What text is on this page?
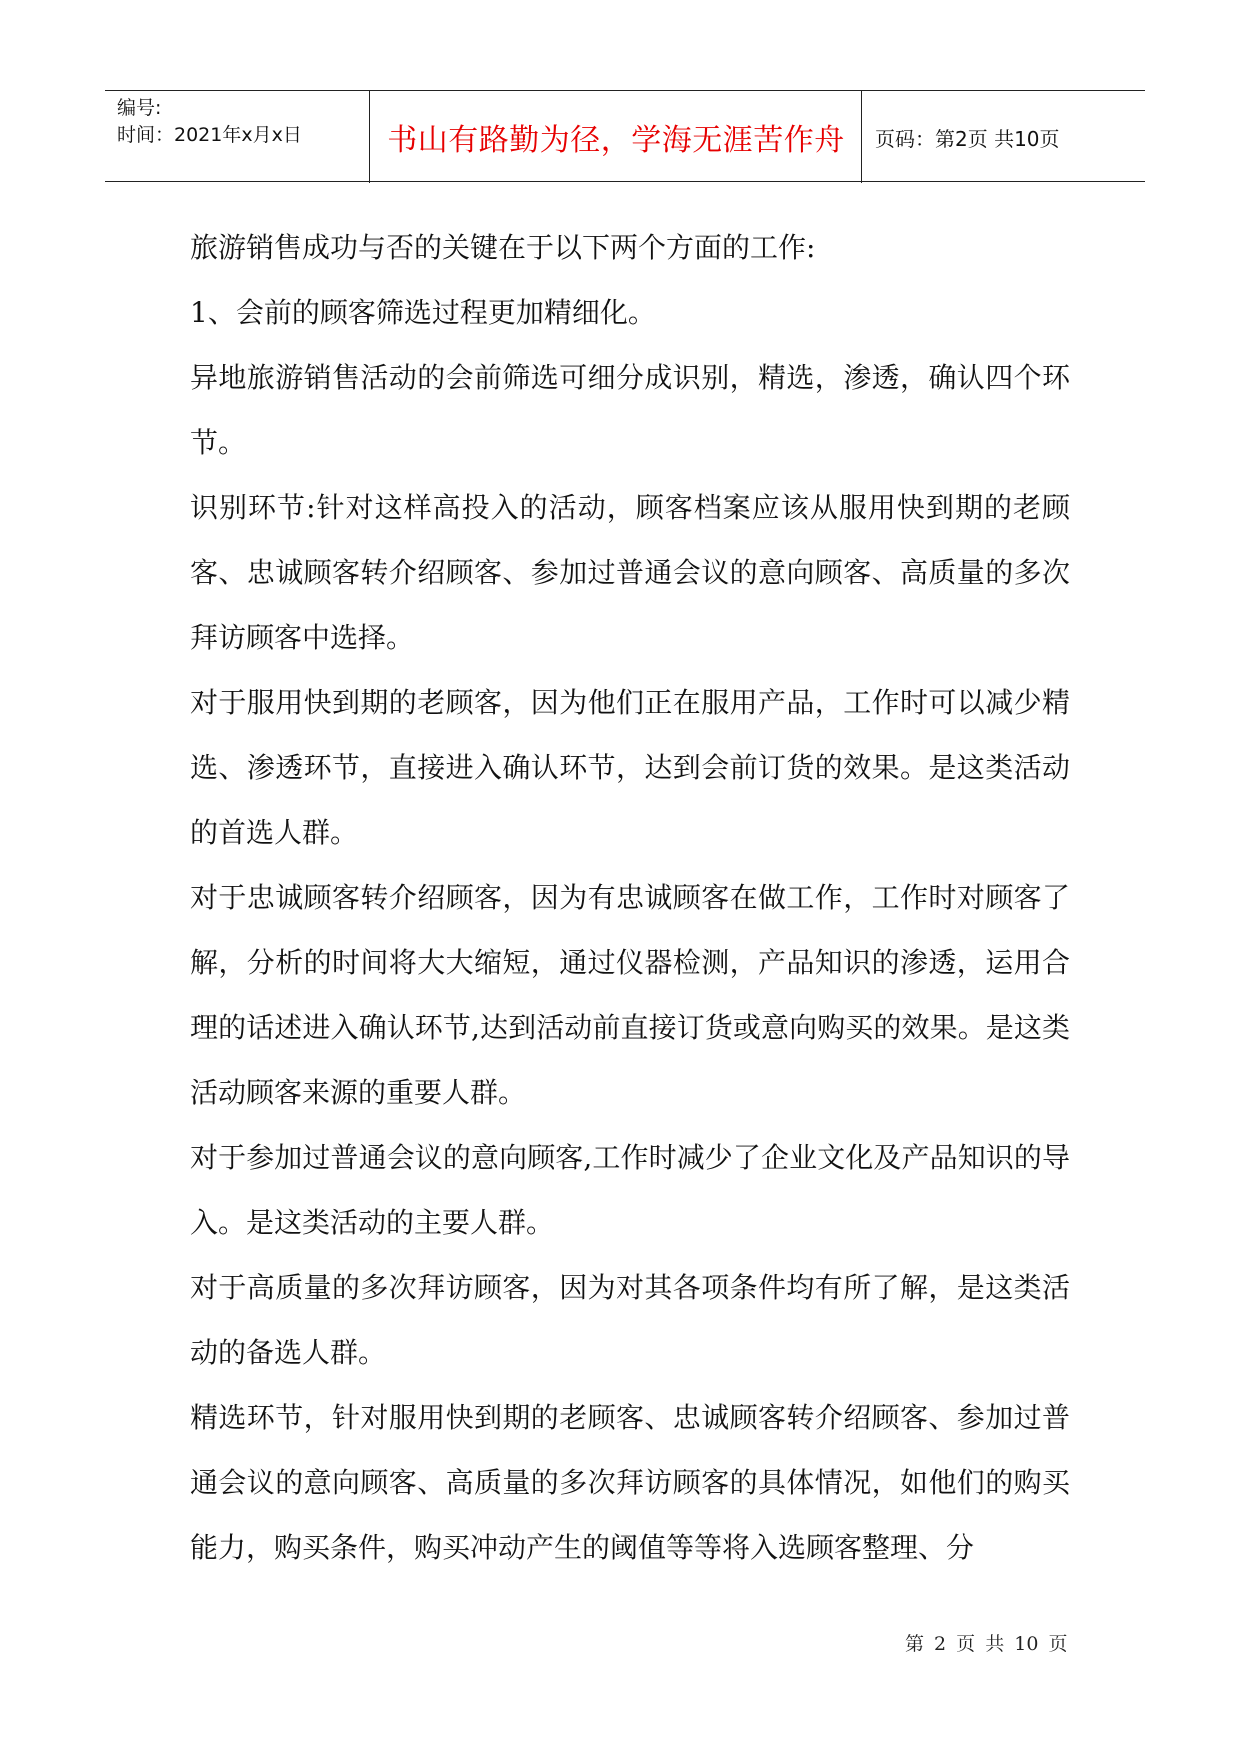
编号:
时间：2021年x月x日	书山有路勤为径，学海无涯苦作舟	页码：第2页 共10页

旅游销售成功与否的关键在于以下两个方面的工作:

1、会前的顾客筛选过程更加精细化。

异地旅游销售活动的会前筛选可细分成识别，精选，渗透，确认四个环节。

识别环节:针对这样高投入的活动，顾客档案应该从服用快到期的老顾客、忠诚顾客转介绍顾客、参加过普通会议的意向顾客、高质量的多次拜访顾客中选择。

对于服用快到期的老顾客，因为他们正在服用产品，工作时可以减少精选、渗透环节，直接进入确认环节，达到会前订货的效果。是这类活动的首选人群。

对于忠诚顾客转介绍顾客，因为有忠诚顾客在做工作，工作时对顾客了解，分析的时间将大大缩短，通过仪器检测，产品知识的渗透，运用合理的话述进入确认环节,达到活动前直接订货或意向购买的效果。是这类活动顾客来源的重要人群。

对于参加过普通会议的意向顾客,工作时减少了企业文化及产品知识的导入。是这类活动的主要人群。

对于高质量的多次拜访顾客，因为对其各项条件均有所了解，是这类活动的备选人群。

精选环节，针对服用快到期的老顾客、忠诚顾客转介绍顾客、参加过普通会议的意向顾客、高质量的多次拜访顾客的具体情况，如他们的购买能力，购买条件，购买冲动产生的阈值等等将入选顾客整理、分

第 2 页 共 10 页
